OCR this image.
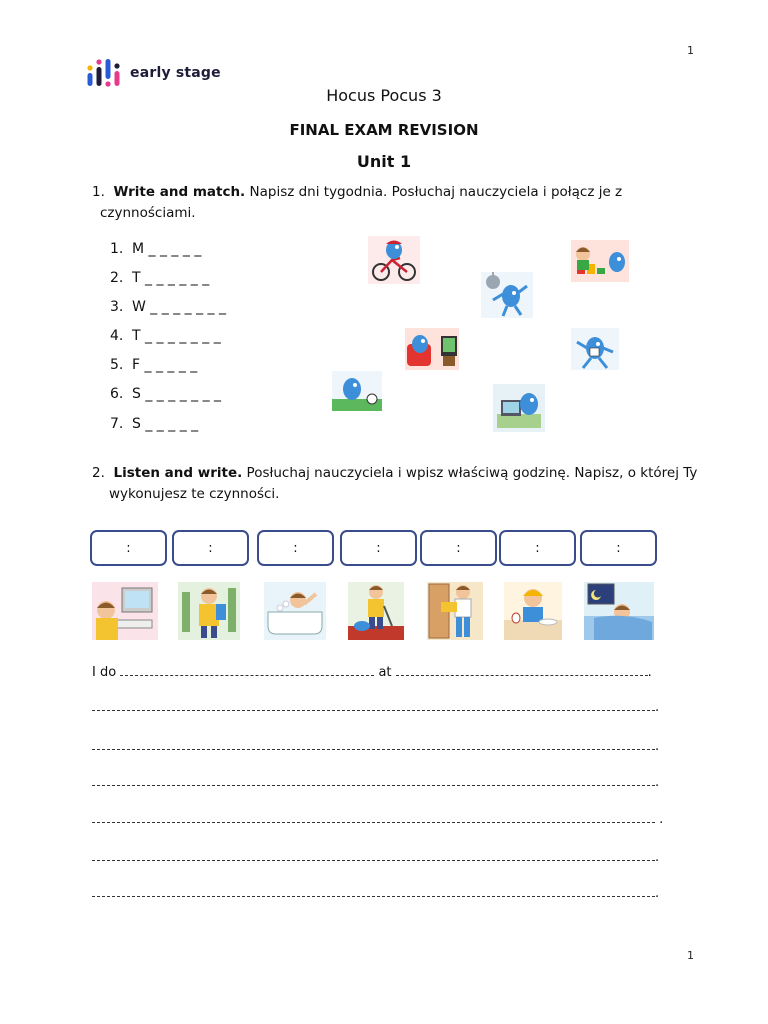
1
1
early stage
Hocus Pocus 3
FINAL EXAM REVISION
Unit 1
1. Write and match. Napisz dni tygodnia. Posłuchaj nauczyciela i połącz je z
czynnościami.
1. M _ _ _ _ _
2. T _ _ _ _ _ _
3. W _ _ _ _ _ _ _
4. T _ _ _ _ _ _ _
5. F _ _ _ _ _
6. S _ _ _ _ _ _ _
7. S _ _ _ _ _
2. Listen and write. Posłuchaj nauczyciela i wpisz właściwą godzinę. Napisz, o której Ty
wykonujesz te czynności.
:	:	:	:	:	:	:
I do	at	.
.
.
.
.
.
.
